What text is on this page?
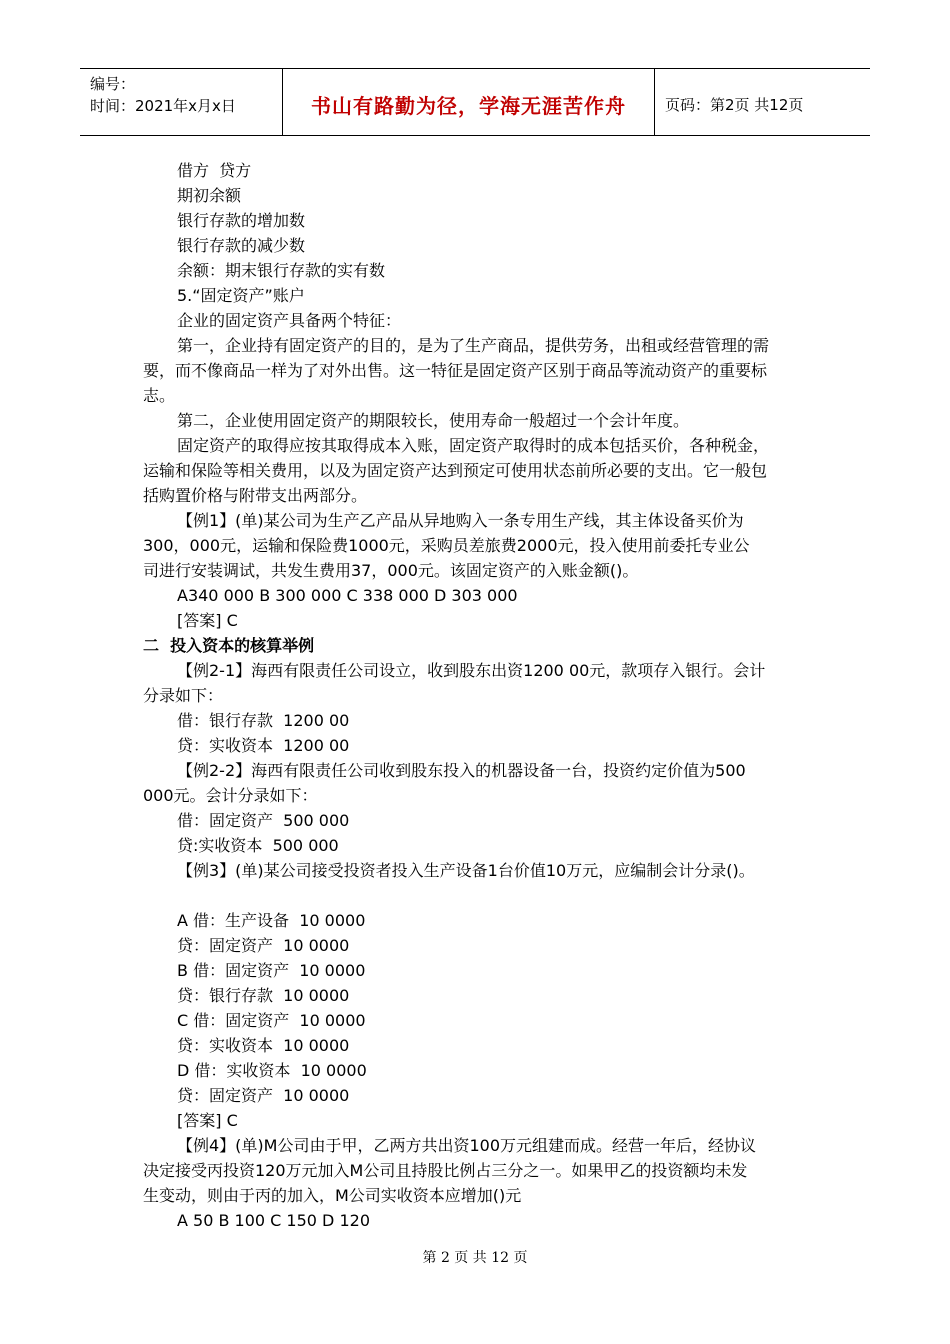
编号：
时间：2021年x月x日	书山有路勤为径，学海无涯苦作舟	页码：第2页 共12页
借方  贷方
期初余额
银行存款的增加数
银行存款的减少数
余额：期末银行存款的实有数
5.“固定资产”账户
企业的固定资产具备两个特征：
第一，企业持有固定资产的目的，是为了生产商品，提供劳务，出租或经营管理的需
要，而不像商品一样为了对外出售。这一特征是固定资产区别于商品等流动资产的重要标
志。
第二，企业使用固定资产的期限较长，使用寿命一般超过一个会计年度。
固定资产的取得应按其取得成本入账，固定资产取得时的成本包括买价，各种税金，
运输和保险等相关费用，以及为固定资产达到预定可使用状态前所必要的支出。它一般包
括购置价格与附带支出两部分。
【例1】(单)某公司为生产乙产品从异地购入一条专用生产线，其主体设备买价为
300，000元，运输和保险费1000元，采购员差旅费2000元，投入使用前委托专业公
司进行安装调试，共发生费用37，000元。该固定资产的入账金额()。
A340 000 B 300 000 C 338 000 D 303 000
[答案] C
二  投入资本的核算举例
【例2-1】海西有限责任公司设立，收到股东出资1200 00元，款项存入银行。会计
分录如下：
借：银行存款  1200 00
贷：实收资本  1200 00
【例2-2】海西有限责任公司收到股东投入的机器设备一台，投资约定价值为500
000元。会计分录如下：
借：固定资产  500 000
贷:实收资本  500 000
【例3】(单)某公司接受投资者投入生产设备1台价值10万元，应编制会计分录()。
A 借：生产设备  10 0000
贷：固定资产  10 0000
B 借：固定资产  10 0000
贷：银行存款  10 0000
C 借：固定资产  10 0000
贷：实收资本  10 0000
D 借：实收资本  10 0000
贷：固定资产  10 0000
[答案] C
【例4】(单)M公司由于甲，乙两方共出资100万元组建而成。经营一年后，经协议
决定接受丙投资120万元加入M公司且持股比例占三分之一。如果甲乙的投资额均未发
生变动，则由于丙的加入，M公司实收资本应增加()元
A 50 B 100 C 150 D 120
第 2 页 共 12 页
